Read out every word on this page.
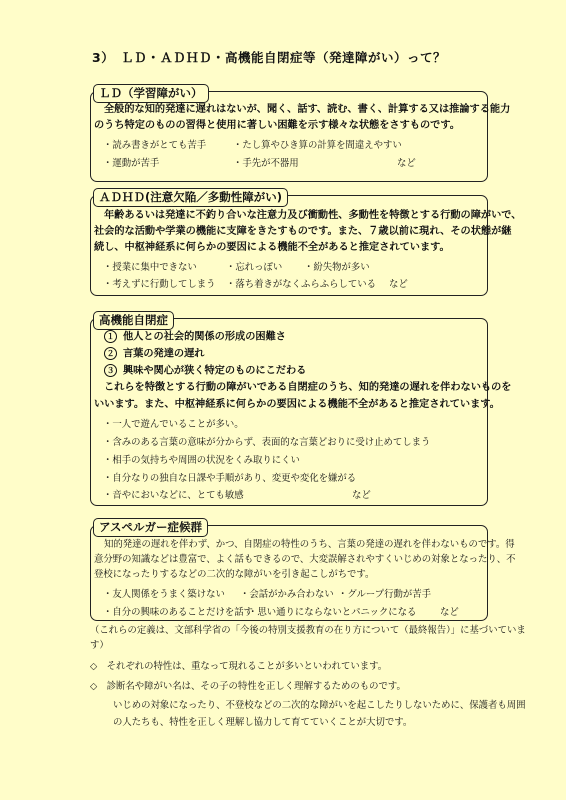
3）　ＬＤ・ＡＤＨＤ・高機能自閉症等（発達障がい）って？
ＬＤ（学習障がい）
全般的な知的発達に遅れはないが、聞く、話す、読む、書く、計算する又は推論する能力
のうち特定のものの習得と使用に著しい困難を示す様々な状態をさすものです。
・読み書きがとても苦手	・たし算やひき算の計算を間違えやすい
・運動が苦手	・手先が不器用	など
ＡＤＨＤ(注意欠陥／多動性障がい)
年齢あるいは発達に不釣り合いな注意力及び衝動性、多動性を特徴とする行動の障がいで、
社会的な活動や学業の機能に支障をきたすものです。また、７歳以前に現れ、その状態が継
続し、中枢神経系に何らかの要因による機能不全があると推定されています。
・授業に集中できない	・忘れっぽい ・紛失物が多い
・考えずに行動してしまう ・落ち着きがなくふらふらしている など
高機能自閉症
１ 他人との社会的関係の形成の困難さ
２ 言葉の発達の遅れ
３ 興味や関心が狭く特定のものにこだわる
これらを特徴とする行動の障がいである自閉症のうち、知的発達の遅れを伴わないものを
いいます。また、中枢神経系に何らかの要因による機能不全があると推定されています。
・一人で遊んでいることが多い。
・含みのある言葉の意味が分からず、表面的な言葉どおりに受け止めてしまう
・相手の気持ちや周囲の状況をくみ取りにくい
・自分なりの独自な日課や手順があり、変更や変化を嫌がる
・音やにおいなどに、とても敏感	など
アスペルガー症候群
知的発達の遅れを伴わず、かつ、自閉症の特性のうち、言葉の発達の遅れを伴わないものです。得
意分野の知識などは豊富で、よく話もできるので、大変誤解されやすくいじめの対象となったり、不
登校になったりするなどの二次的な障がいを引き起こしがちです。
・友人関係をうまく築けない ・会話がかみ合わない ・グループ行動が苦手
・自分の興味のあることだけを話す
・思い通りにならないとパニックになる	など
（これらの定義は、文部科学省の「今後の特別支援教育の在り方について（最終報告）」に基づいていま
す）
◇　それぞれの特性は、重なって現れることが多いといわれています。
◇　診断名や障がい名は、その子の特性を正しく理解するためのものです。
いじめの対象になったり、不登校などの二次的な障がいを起こしたりしないために、保護者も周囲
の人たちも、特性を正しく理解し協力して育てていくことが大切です。
